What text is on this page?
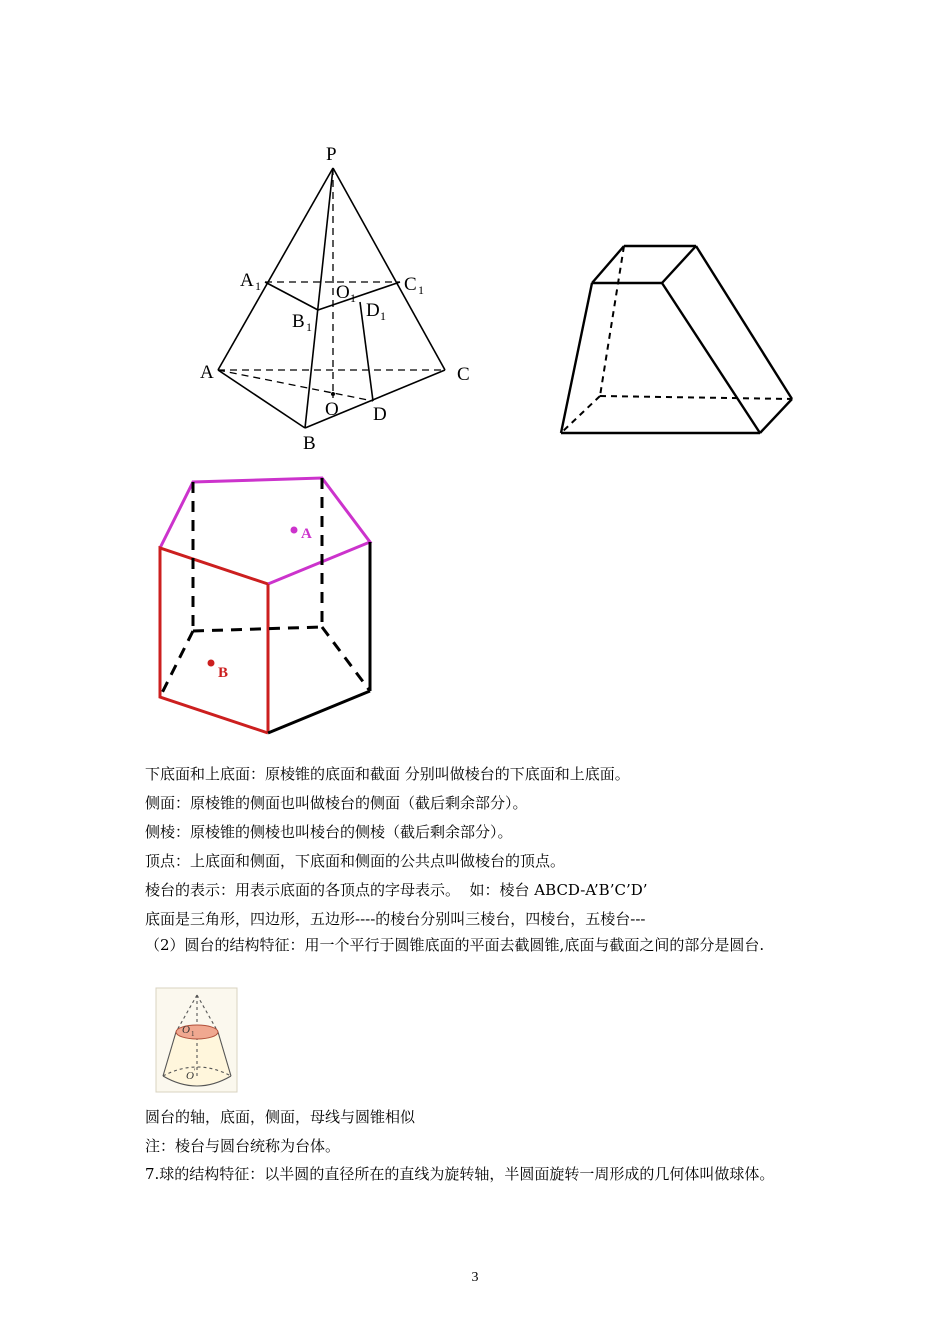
P
A 1	C 1
O 1
B 1
D 1
A	C
O D
B
A
B
下底面和上底面：原棱锥的底面和截面 分别叫做棱台的下底面和上底面。
侧面：原棱锥的侧面也叫做棱台的侧面（截后剩余部分）。
侧棱：原棱锥的侧棱也叫棱台的侧棱（截后剩余部分）。
顶点：上底面和侧面，下底面和侧面的公共点叫做棱台的顶点。
棱台的表示：用表示底面的各顶点的字母表示。  如：棱台 ABCD-A’B’C’D’
底面是三角形，四边形，五边形----的棱台分别叫三棱台，四棱台，五棱台---
（2）圆台的结构特征：用一个平行于圆锥底面的平面去截圆锥,底面与截面之间的部分是圆台.
O 1
O '
圆台的轴，底面，侧面，母线与圆锥相似
注：棱台与圆台统称为台体。
7.球的结构特征：以半圆的直径所在的直线为旋转轴，半圆面旋转一周形成的几何体叫做球体。
3
